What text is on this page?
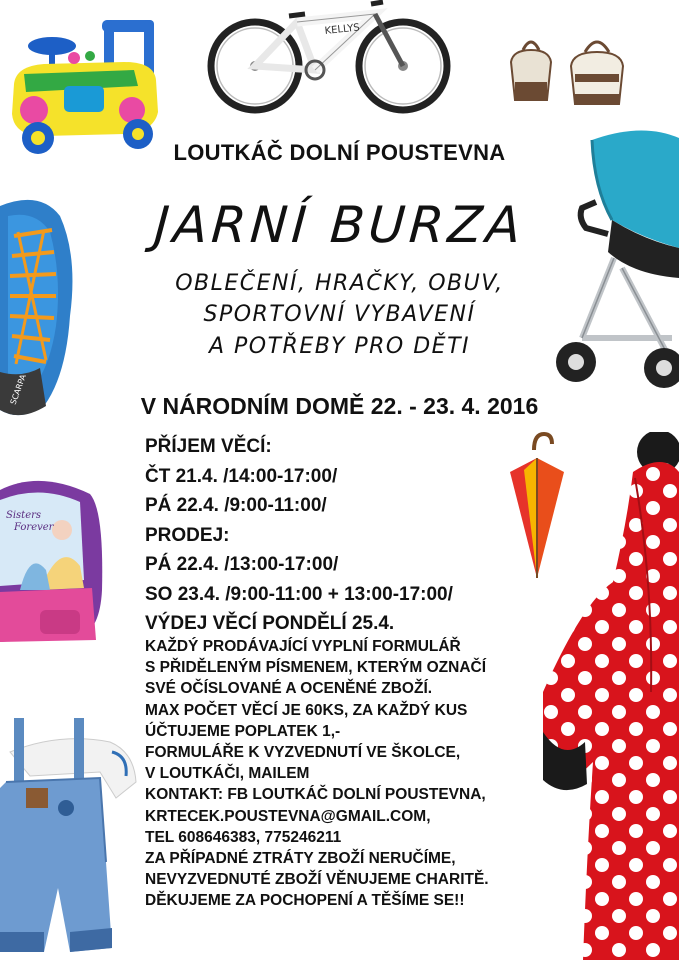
KELLYS
SCARPA
Sisters
Forever
LOUTKÁČ DOLNÍ POUSTEVNA
JARNÍ BURZA
OBLEČENÍ, HRAČKY, OBUV,
SPORTOVNÍ VYBAVENÍ
A POTŘEBY PRO DĚTI
V NÁRODNÍM DOMĚ 22. - 23. 4. 2016
PŘÍJEM VĚCÍ:
ČT 21.4. /14:00-17:00/
PÁ 22.4. /9:00-11:00/
PRODEJ:
PÁ 22.4. /13:00-17:00/
SO 23.4. /9:00-11:00 + 13:00-17:00/
VÝDEJ VĚCÍ PONDĚLÍ 25.4.
KAŽDÝ PRODÁVAJÍCÍ VYPLNÍ FORMULÁŘ
S PŘIDĚLENÝM PÍSMENEM, KTERÝM OZNAČÍ
SVÉ OČÍSLOVANÉ A OCENĚNÉ ZBOŽÍ.
MAX POČET VĚCÍ JE 60KS, ZA KAŽDÝ KUS
ÚČTUJEME POPLATEK 1,-
FORMULÁŘE K VYZVEDNUTÍ VE ŠKOLCE,
V LOUTKÁČI, MAILEM
KONTAKT: FB LOUTKÁČ DOLNÍ POUSTEVNA,
KRTECEK.POUSTEVNA@GMAIL.COM,
TEL 608646383, 775246211
ZA PŘÍPADNÉ ZTRÁTY ZBOŽÍ NERUČÍME,
NEVYZVEDNUTÉ ZBOŽÍ VĚNUJEME CHARITĚ.
DĚKUJEME ZA POCHOPENÍ A TĚŠÍME SE!!
